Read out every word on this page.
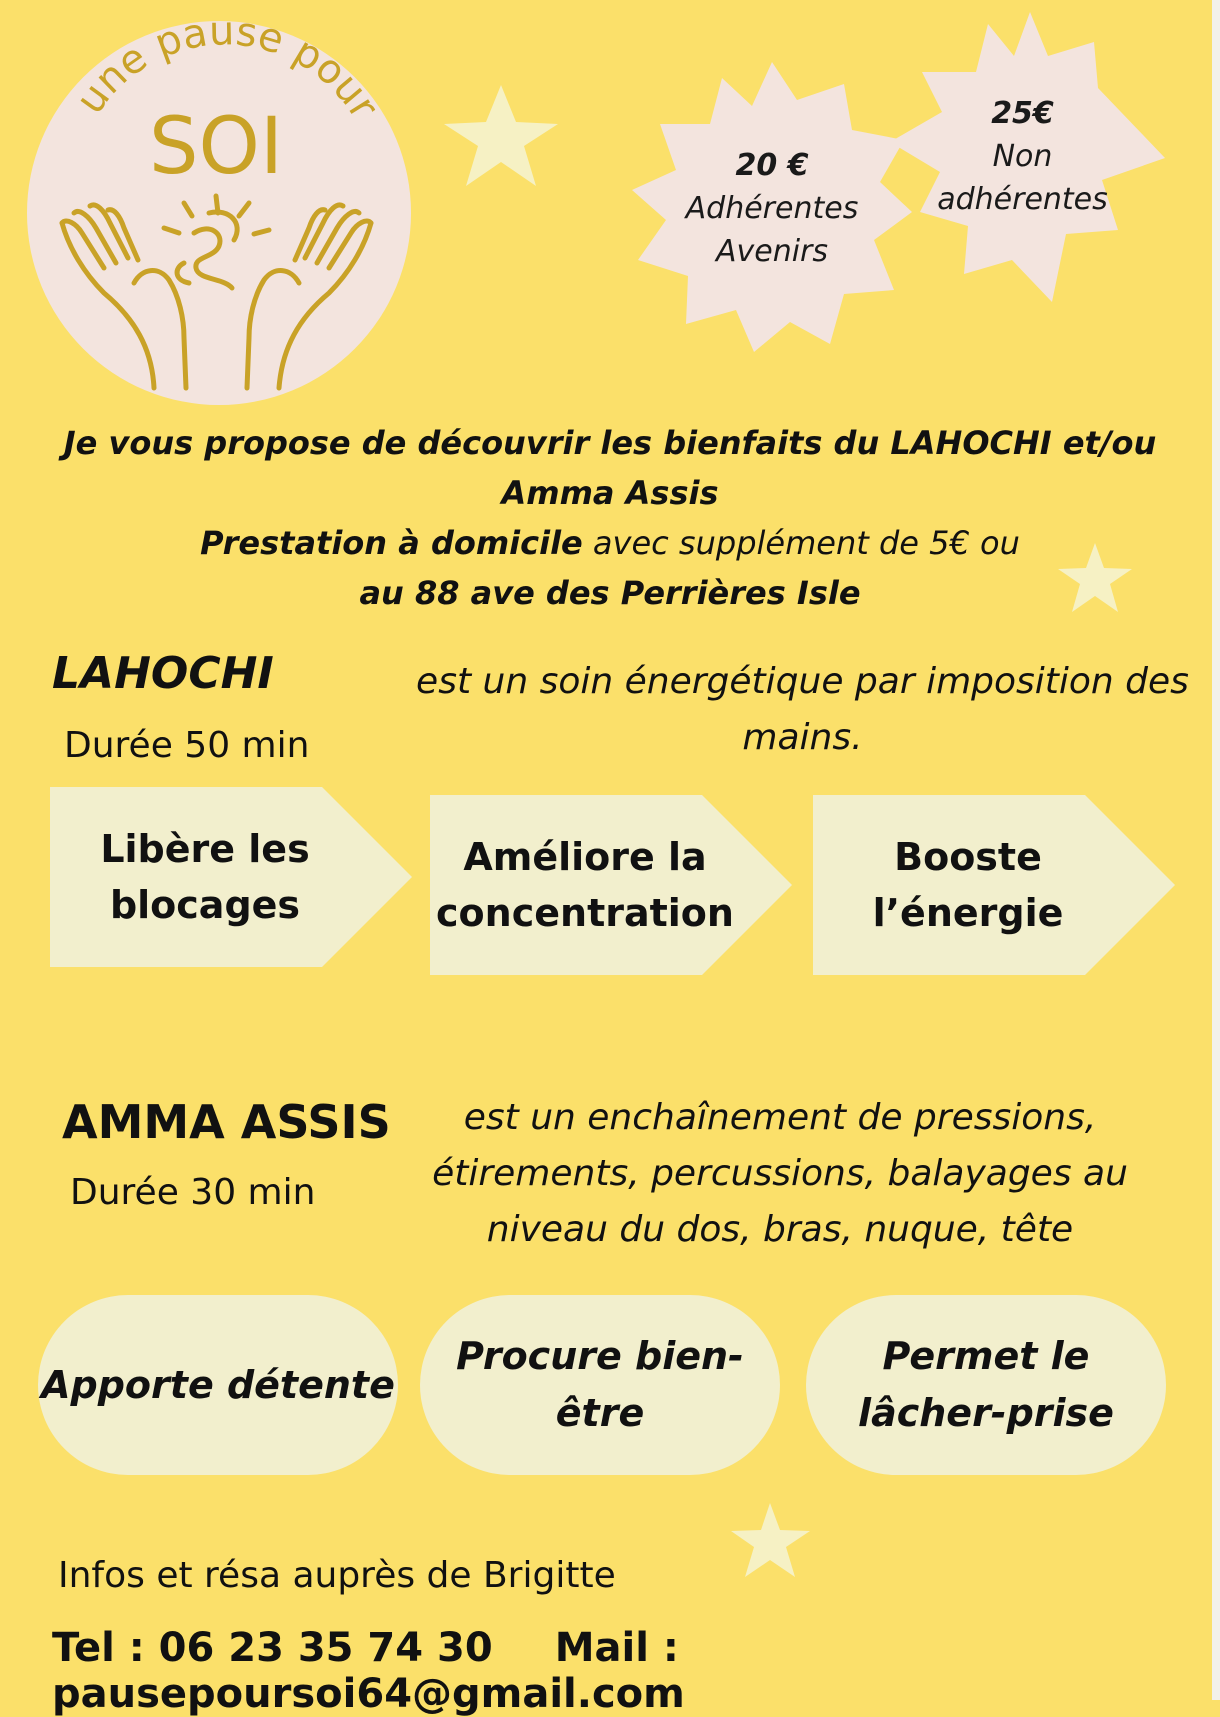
une pause pour
SOI	20 €
Adhérentes
Avenirs
25€
Non
adhérentes
Je vous propose de découvrir les bienfaits du LAHOCHI et/ou
Amma Assis
Prestation à domicile avec supplément de 5€ ou
au 88 ave des Perrières Isle
LAHOCHI
Durée 50 min
est un soin énergétique par imposition des mains.
Libère les
blocages
Améliore la
concentration
Booste
l’énergie
AMMA ASSIS
Durée 30 min
est un enchaînement de pressions,
étirements, percussions, balayages au
niveau du dos, bras, nuque, tête
Apporte détente
Procure bien-être
Permet le
lâcher-prise
Infos et résa auprès de Brigitte
Tel : 06 23 35 74 30 Mail : pausepoursoi64@gmail.com
